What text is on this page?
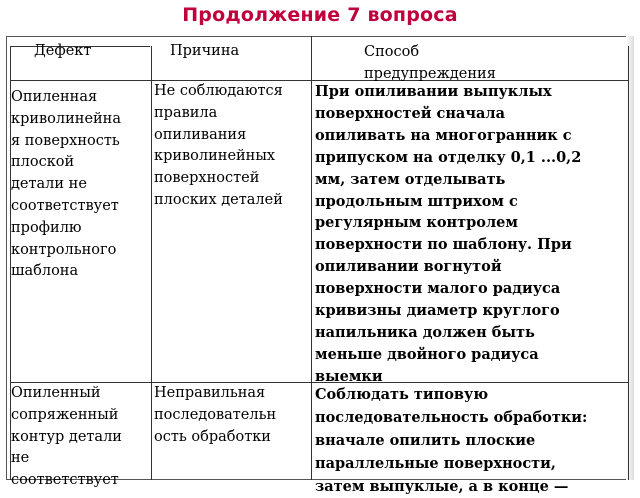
Продолжение 7 вопроса
Дефект	Причина	Способ
предупреждения
Опиленная
криволинейна
я поверхность
плоской
детали не
соответствует
профилю
контрольного
шаблона
Не соблюдаются
правила
опиливания
криволинейных
поверхностей
плоских деталей
При опиливании выпуклых
поверхностей сначала
опиливать на многогранник с
припуском на отделку 0,1 ...0,2
мм, затем отделывать
продольным штрихом с
регулярным контролем
поверхности по шаблону. При
опиливании вогнутой
поверхности малого радиуса
кривизны диаметр круглого
напильника должен быть
меньше двойного радиуса
выемки
Опиленный
сопряженный
контур детали
не
соответствует
Неправильная
последовательн
ость обработки
Соблюдать типовую
последовательность обработки:
вначале опилить плоские
параллельные поверхности,
затем выпуклые, а в конце —
